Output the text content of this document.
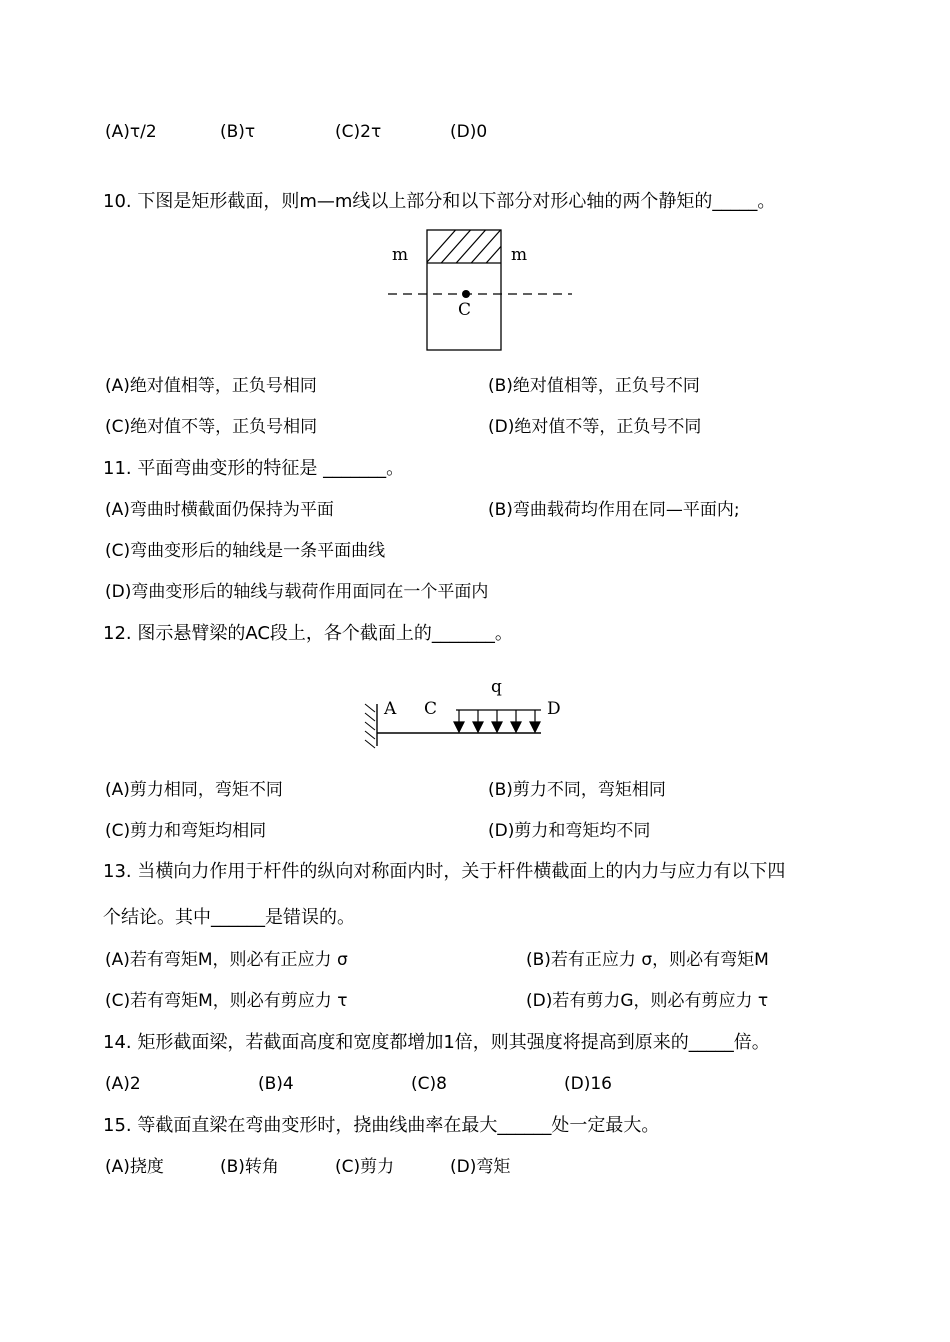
(A)τ/2	(B)τ	(C)2τ	(D)0
10. 下图是矩形截面，则m—m线以上部分和以下部分对形心轴的两个静矩的_____。
m	m
C
(A)绝对值相等，正负号相同	(B)绝对值相等，正负号不同
(C)绝对值不等，正负号相同	(D)绝对值不等，正负号不同
11. 平面弯曲变形的特征是 _______。
(A)弯曲时横截面仍保持为平面	(B)弯曲载荷均作用在同—平面内;
(C)弯曲变形后的轴线是一条平面曲线
(D)弯曲变形后的轴线与载荷作用面同在一个平面内
12. 图示悬臂梁的AC段上，各个截面上的_______。
A C
q
D
(A)剪力相同，弯矩不同	(B)剪力不同，弯矩相同
(C)剪力和弯矩均相同	(D)剪力和弯矩均不同
13. 当横向力作用于杆件的纵向对称面内时，关于杆件横截面上的内力与应力有以下四
个结论。其中______是错误的。
(A)若有弯矩M，则必有正应力 σ	(B)若有正应力 σ，则必有弯矩M
(C)若有弯矩M，则必有剪应力 τ	(D)若有剪力G，则必有剪应力 τ
14. 矩形截面梁，若截面高度和宽度都增加1倍，则其强度将提高到原来的_____倍。
(A)2	(B)4	(C)8	(D)16
15. 等截面直梁在弯曲变形时，挠曲线曲率在最大______处一定最大。
(A)挠度	(B)转角	(C)剪力	(D)弯矩
